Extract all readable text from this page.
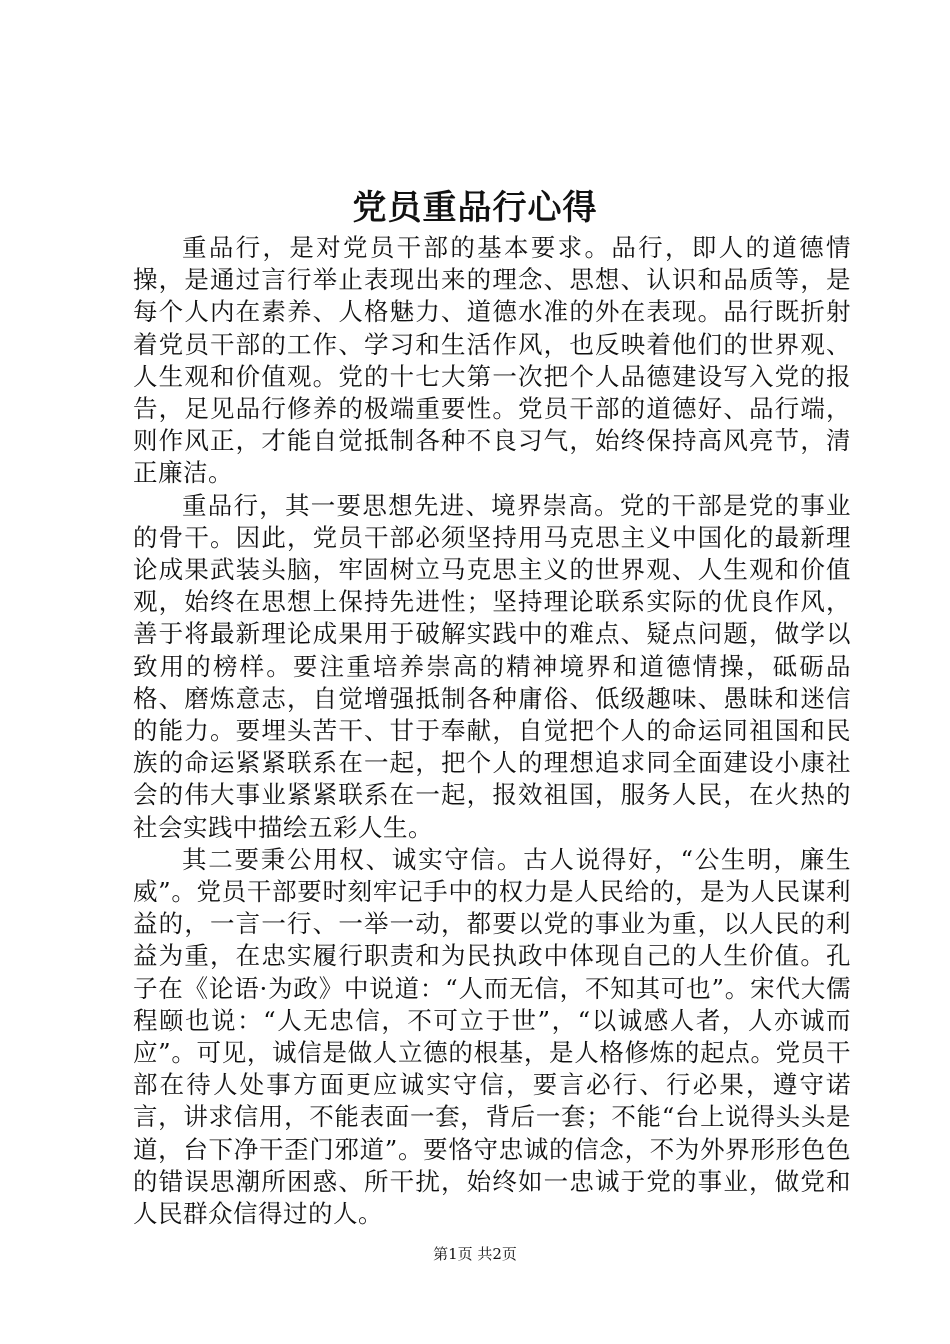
党员重品行心得

重品行，是对党员干部的基本要求。品行，即人的道德情操，是通过言行举止表现出来的理念、思想、认识和品质等，是每个人内在素养、人格魅力、道德水准的外在表现。品行既折射着党员干部的工作、学习和生活作风，也反映着他们的世界观、人生观和价值观。党的十七大第一次把个人品德建设写入党的报告，足见品行修养的极端重要性。党员干部的道德好、品行端，则作风正，才能自觉抵制各种不良习气，始终保持高风亮节，清正廉洁。

重品行，其一要思想先进、境界崇高。党的干部是党的事业的骨干。因此，党员干部必须坚持用马克思主义中国化的最新理论成果武装头脑，牢固树立马克思主义的世界观、人生观和价值观，始终在思想上保持先进性；坚持理论联系实际的优良作风，善于将最新理论成果用于破解实践中的难点、疑点问题，做学以致用的榜样。要注重培养崇高的精神境界和道德情操，砥砺品格、磨炼意志，自觉增强抵制各种庸俗、低级趣味、愚昧和迷信的能力。要埋头苦干、甘于奉献，自觉把个人的命运同祖国和民族的命运紧紧联系在一起，把个人的理想追求同全面建设小康社会的伟大事业紧紧联系在一起，报效祖国，服务人民，在火热的社会实践中描绘五彩人生。

其二要秉公用权、诚实守信。古人说得好，“公生明，廉生威”。党员干部要时刻牢记手中的权力是人民给的，是为人民谋利益的，一言一行、一举一动，都要以党的事业为重，以人民的利益为重，在忠实履行职责和为民执政中体现自己的人生价值。孔子在《论语·为政》中说道：“人而无信，不知其可也”。宋代大儒程颐也说：“人无忠信，不可立于世”，“以诚感人者，人亦诚而应”。可见，诚信是做人立德的根基，是人格修炼的起点。党员干部在待人处事方面更应诚实守信，要言必行、行必果，遵守诺言，讲求信用，不能表面一套，背后一套；不能“台上说得头头是道，台下净干歪门邪道”。要恪守忠诚的信念，不为外界形形色色的错误思潮所困惑、所干扰，始终如一忠诚于党的事业，做党和人民群众信得过的人。

第1页 共2页
